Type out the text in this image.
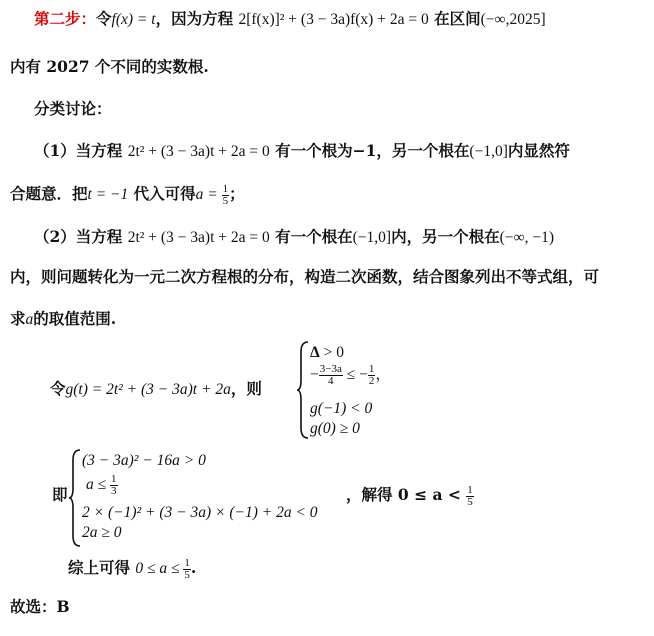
第二步：令f(x) = t，因为方程 2[f(x)]² + (3 − 3a)f(x) + 2a = 0 在区间(−∞,2025]
内有 2027 个不同的实数根.
分类讨论：
（1）当方程 2t² + (3 − 3a)t + 2a = 0 有一个根为−1，另一个根在(−1,0]内显然符
合题意．把t = −1 代入可得$a = \frac{1}{5}$ ；
（2）当方程 2t² + (3 − 3a)t + 2a = 0 有一个根在(−1,0]内，另一个根在(−∞, −1)
内，则问题转化为一元二次方程根的分布，构造二次函数，结合图象列出不等式组，可
求a的取值范围.
令g(t) = 2t² + (3 − 3a)t + 2a，则
Δ > 0
− $\frac{3-3a}{4}$ ≤ − $\frac{1}{2}$ ，
g(−1) < 0
g(0) ≥ 0
即
(3 − 3a)² − 16a > 0
$a \le \frac{1}{3}$
2 × (−1)² + (3 − 3a) × (−1) + 2a < 0
2a ≥ 0
，解得 $0 \le a < \frac{1}{5}$
综上可得 $0 \le a \le \frac{1}{5}$ .
故选：B
